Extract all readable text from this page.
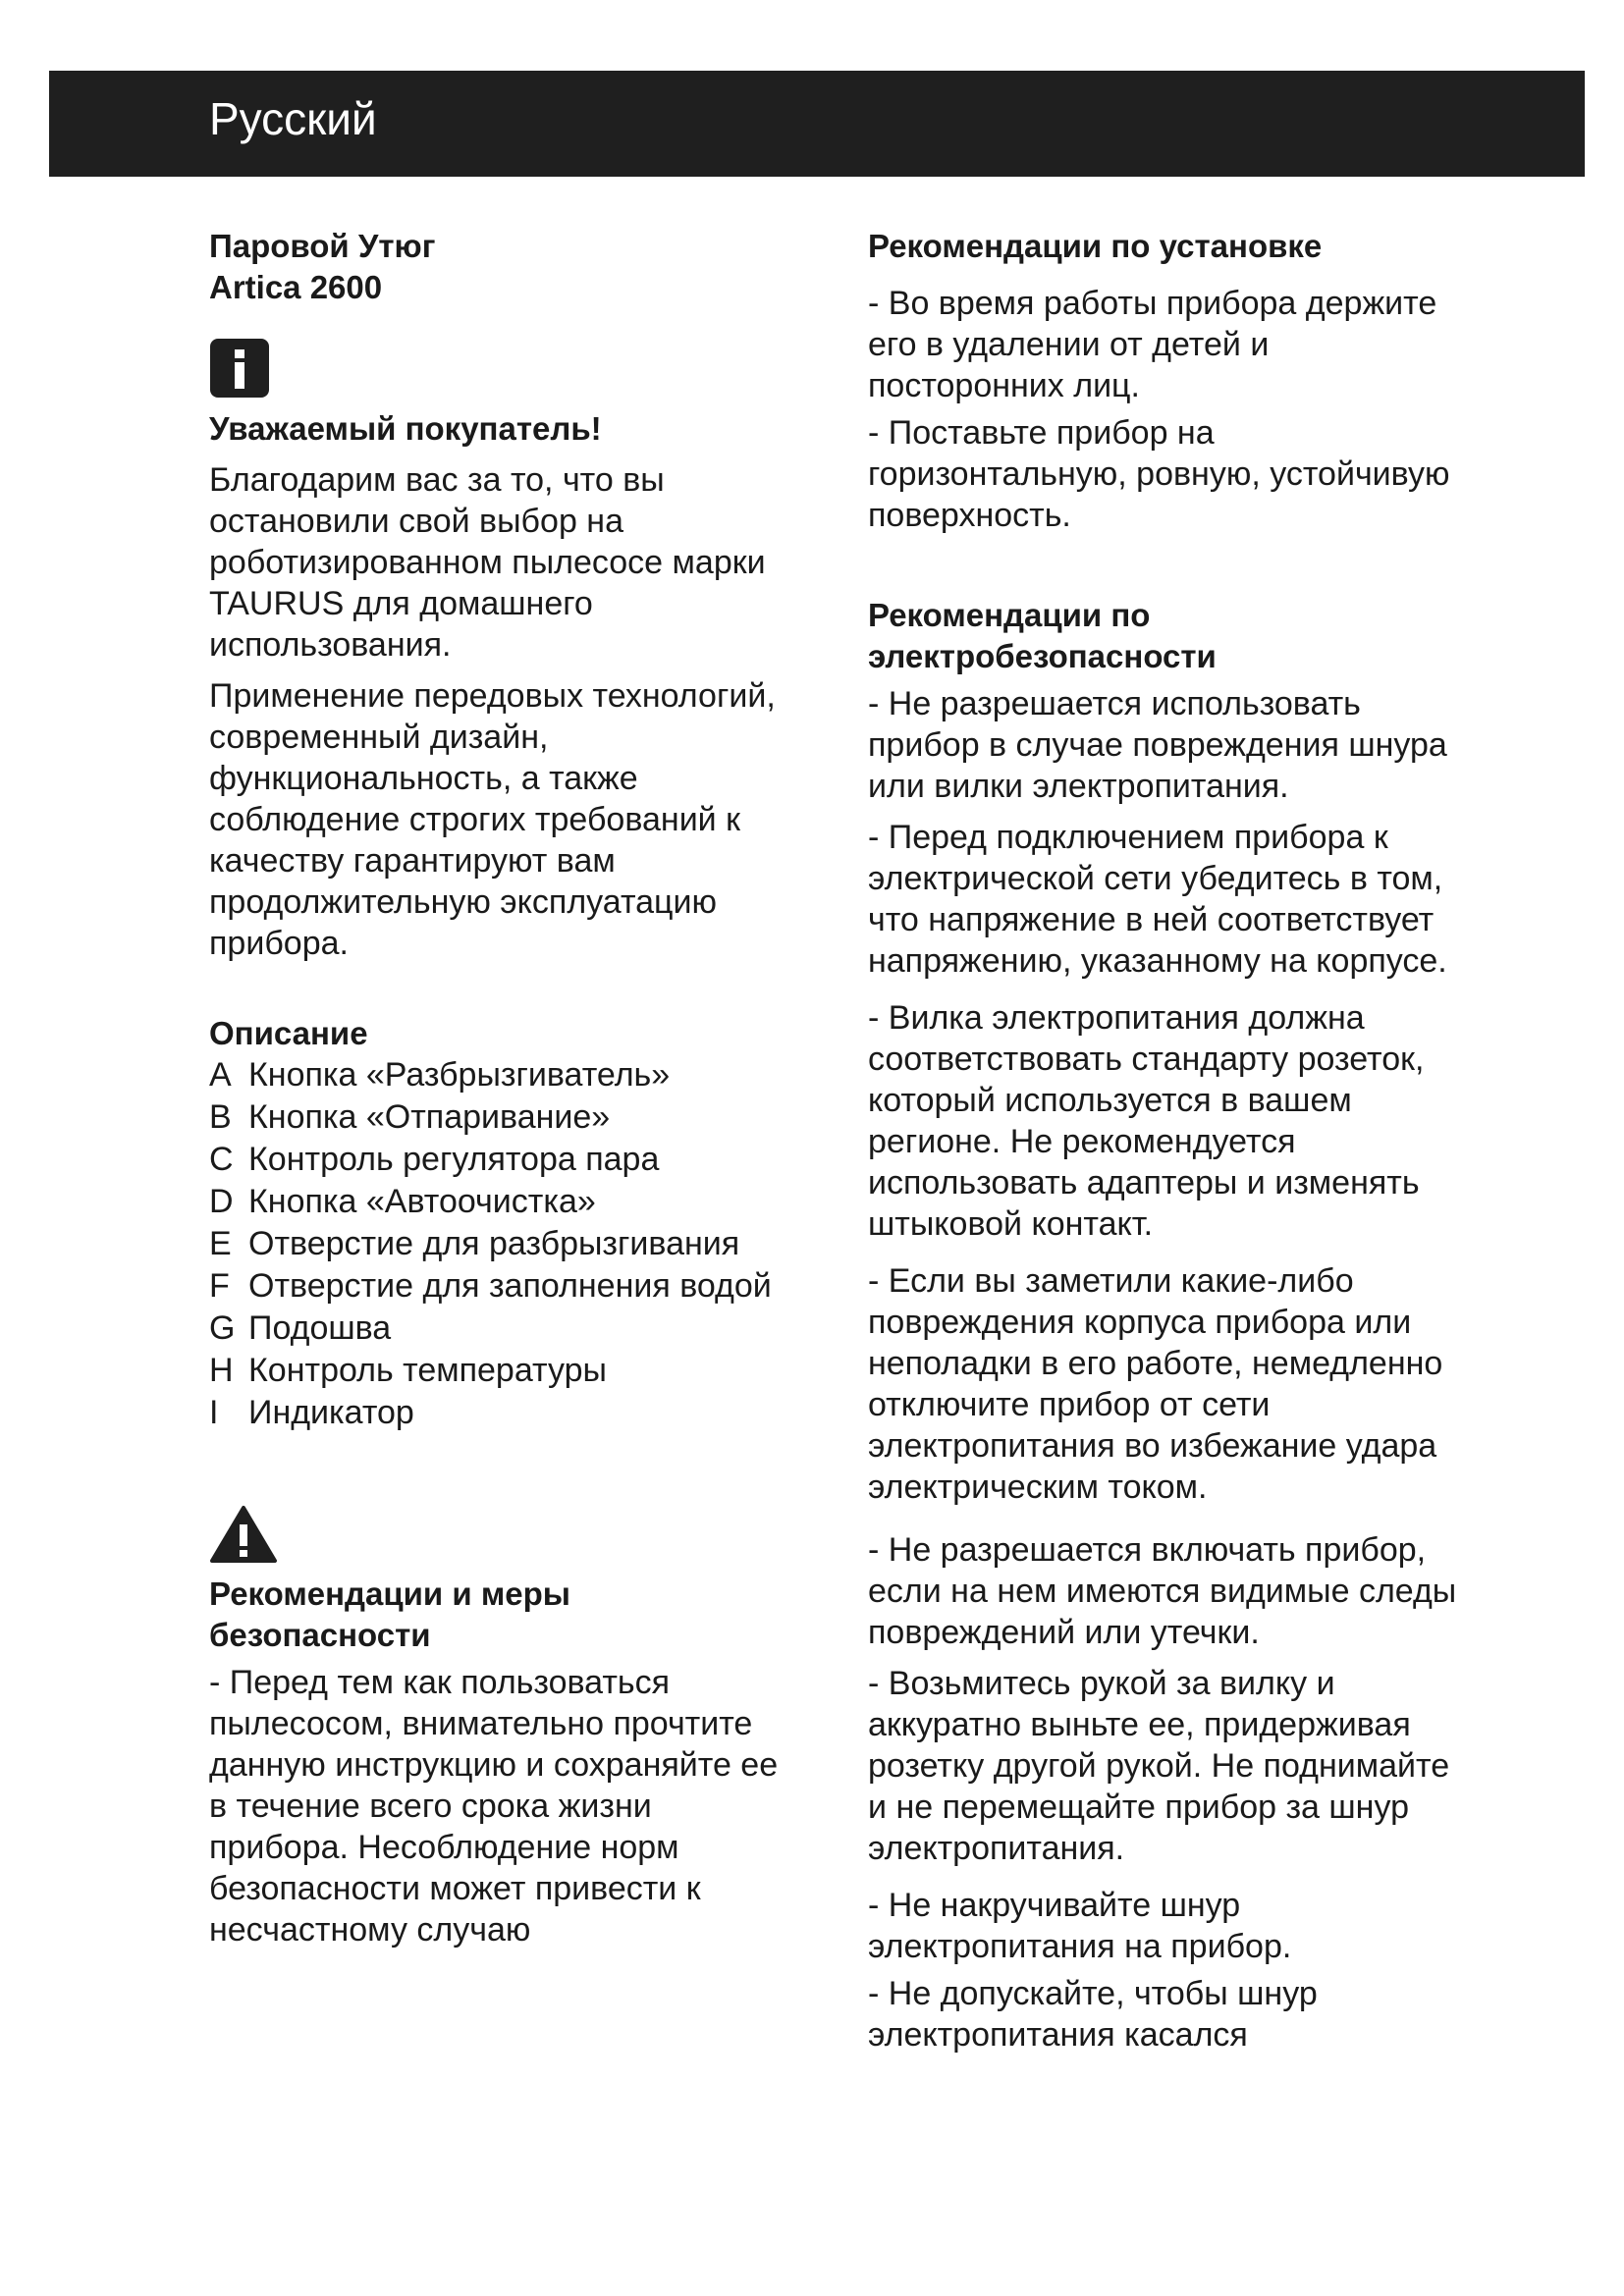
Русский

Паровой Утюг

Artica 2600

Уважаемый покупатель!

Благодарим вас за то, что вы остановили свой выбор на роботизированном пылесосе марки TAURUS для домашнего использования.

Применение передовых технологий, современный дизайн, функциональность, а также соблюдение строгих требований к качеству гарантируют вам продолжительную эксплуатацию прибора.

Описание

A Кнопка «Разбрызгиватель»
B Кнопка «Отпаривание»
C Контроль регулятора пара
D Кнопка «Автоочистка»
E Отверстие для разбрызгивания
F Отверстие для заполнения водой
G Подошва
H Контроль температуры
I Индикатор

Рекомендации и меры безопасности

- Перед тем как пользоваться пылесосом, внимательно прочтите данную инструкцию и сохраняйте ее в течение всего срока жизни прибора. Несоблюдение норм безопасности может привести к несчастному случаю

Рекомендации по установке

- Во время работы прибора держите его в удалении от детей и посторонних лиц.

- Поставьте прибор на горизонтальную, ровную, устойчивую поверхность.

Рекомендации по электробезопасности

- Не разрешается использовать прибор в случае повреждения шнура или вилки электропитания.

- Перед подключением прибора к электрической сети убедитесь в том, что напряжение в ней соответствует напряжению, указанному на корпусе.

- Вилка электропитания должна соответствовать стандарту розеток, который используется в вашем регионе. Не рекомендуется использовать адаптеры и изменять штыковой контакт.

- Если вы заметили какие-либо повреждения корпуса прибора или неполадки в его работе, немедленно отключите прибор от сети электропитания во избежание удара электрическим током.

- Не разрешается включать прибор, если на нем имеются видимые следы повреждений или утечки.

- Возьмитесь рукой за вилку и аккуратно выньте ее, придерживая розетку другой рукой. Не поднимайте и не перемещайте прибор за шнур электропитания.

- Не накручивайте шнур электропитания на прибор.

- Не допускайте, чтобы шнур электропитания касался
